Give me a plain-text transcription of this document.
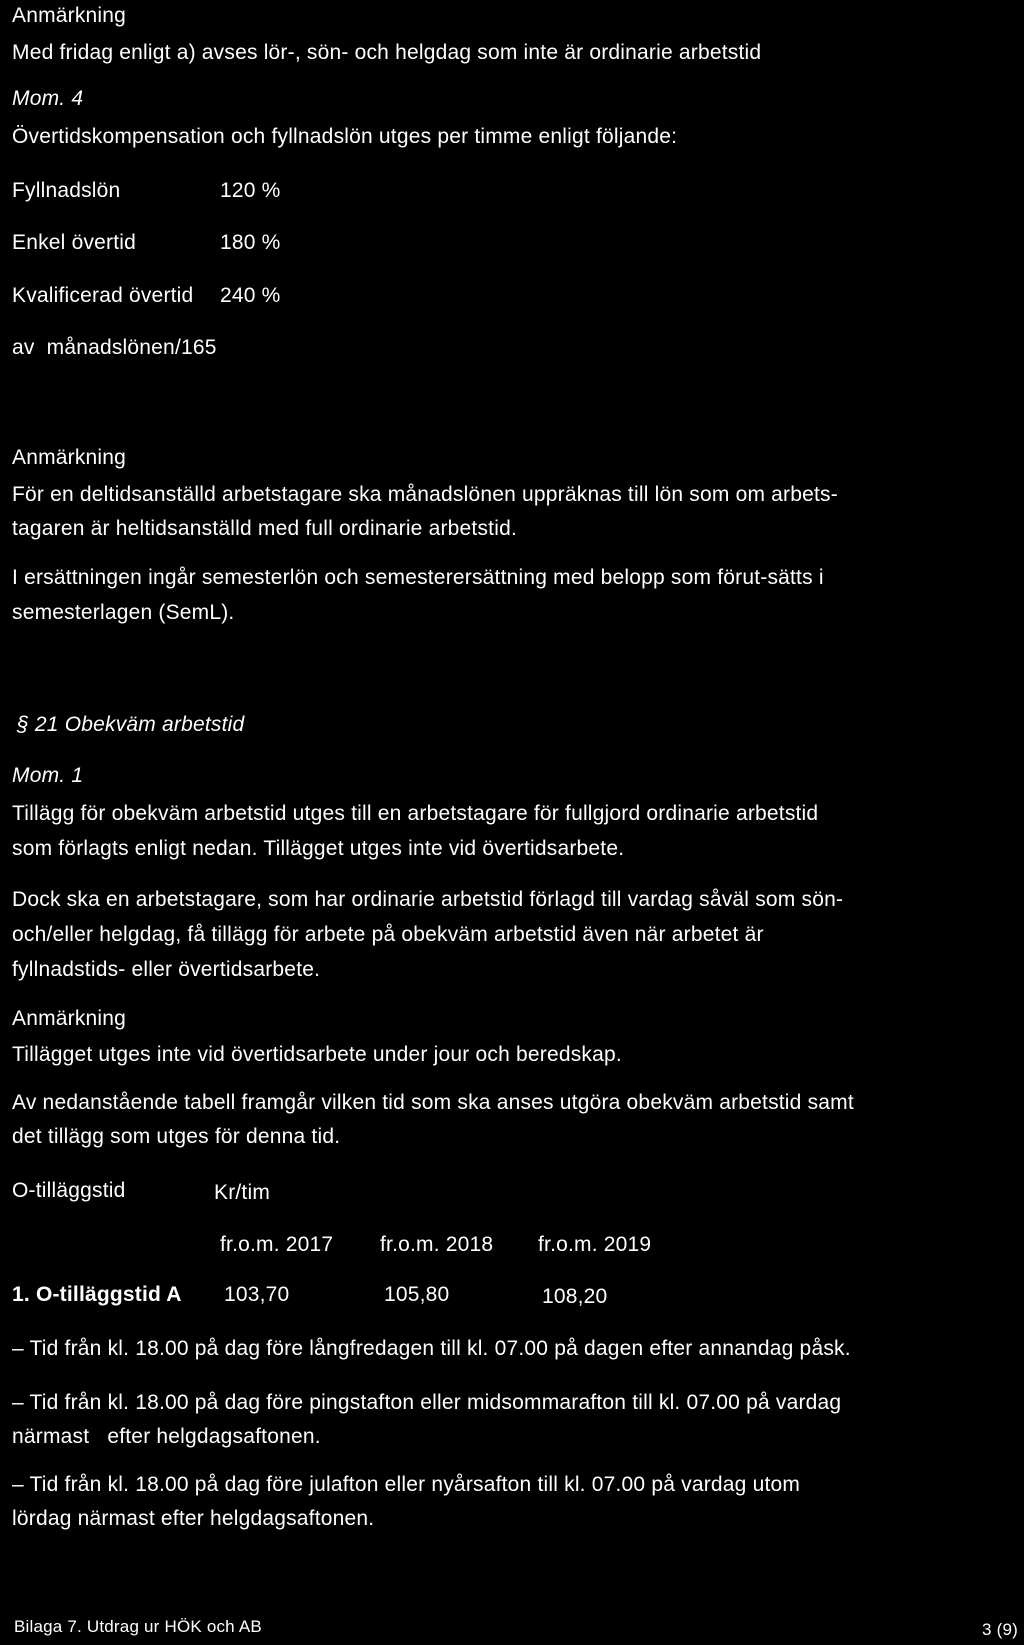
Anmärkning
Med fridag enligt a) avses lör-, sön- och helgdag som inte är ordinarie arbetstid
Mom. 4
Övertidskompensation och fyllnadslön utges per timme enligt följande:
Fyllnadslön	120 %
Enkel övertid	180 %
Kvalificerad övertid 240 %
av  månadslönen/165
Anmärkning
För en deltidsanställd arbetstagare ska månadslönen uppräknas till lön som om arbets-
tagaren är heltidsanställd med full ordinarie arbetstid.
I ersättningen ingår semesterlön och semesterersättning med belopp som förut-sätts i
semesterlagen (SemL).
§ 21 Obekväm arbetstid
Mom. 1
Tillägg för obekväm arbetstid utges till en arbetstagare för fullgjord ordinarie arbetstid
som förlagts enligt nedan. Tillägget utges inte vid övertidsarbete.
Dock ska en arbetstagare, som har ordinarie arbetstid förlagd till vardag såväl som sön-
och/eller helgdag, få tillägg för arbete på obekväm arbetstid även när arbetet är
fyllnadstids- eller övertidsarbete.
Anmärkning
Tillägget utges inte vid övertidsarbete under jour och beredskap.
Av nedanstående tabell framgår vilken tid som ska anses utgöra obekväm arbetstid samt
det tillägg som utges för denna tid.
O-tilläggstid	Kr/tim
fr.o.m. 2017 fr.o.m. 2018 fr.o.m. 2019
1. O-tilläggstid A 103,70	105,80	108,20
– Tid från kl. 18.00 på dag före långfredagen till kl. 07.00 på dagen efter annandag påsk.
– Tid från kl. 18.00 på dag före pingstafton eller midsommarafton till kl. 07.00 på vardag
närmast   efter helgdagsaftonen.
– Tid från kl. 18.00 på dag före julafton eller nyårsafton till kl. 07.00 på vardag utom
lördag närmast efter helgdagsaftonen.
Bilaga 7. Utdrag ur HÖK och AB	3 (9)
